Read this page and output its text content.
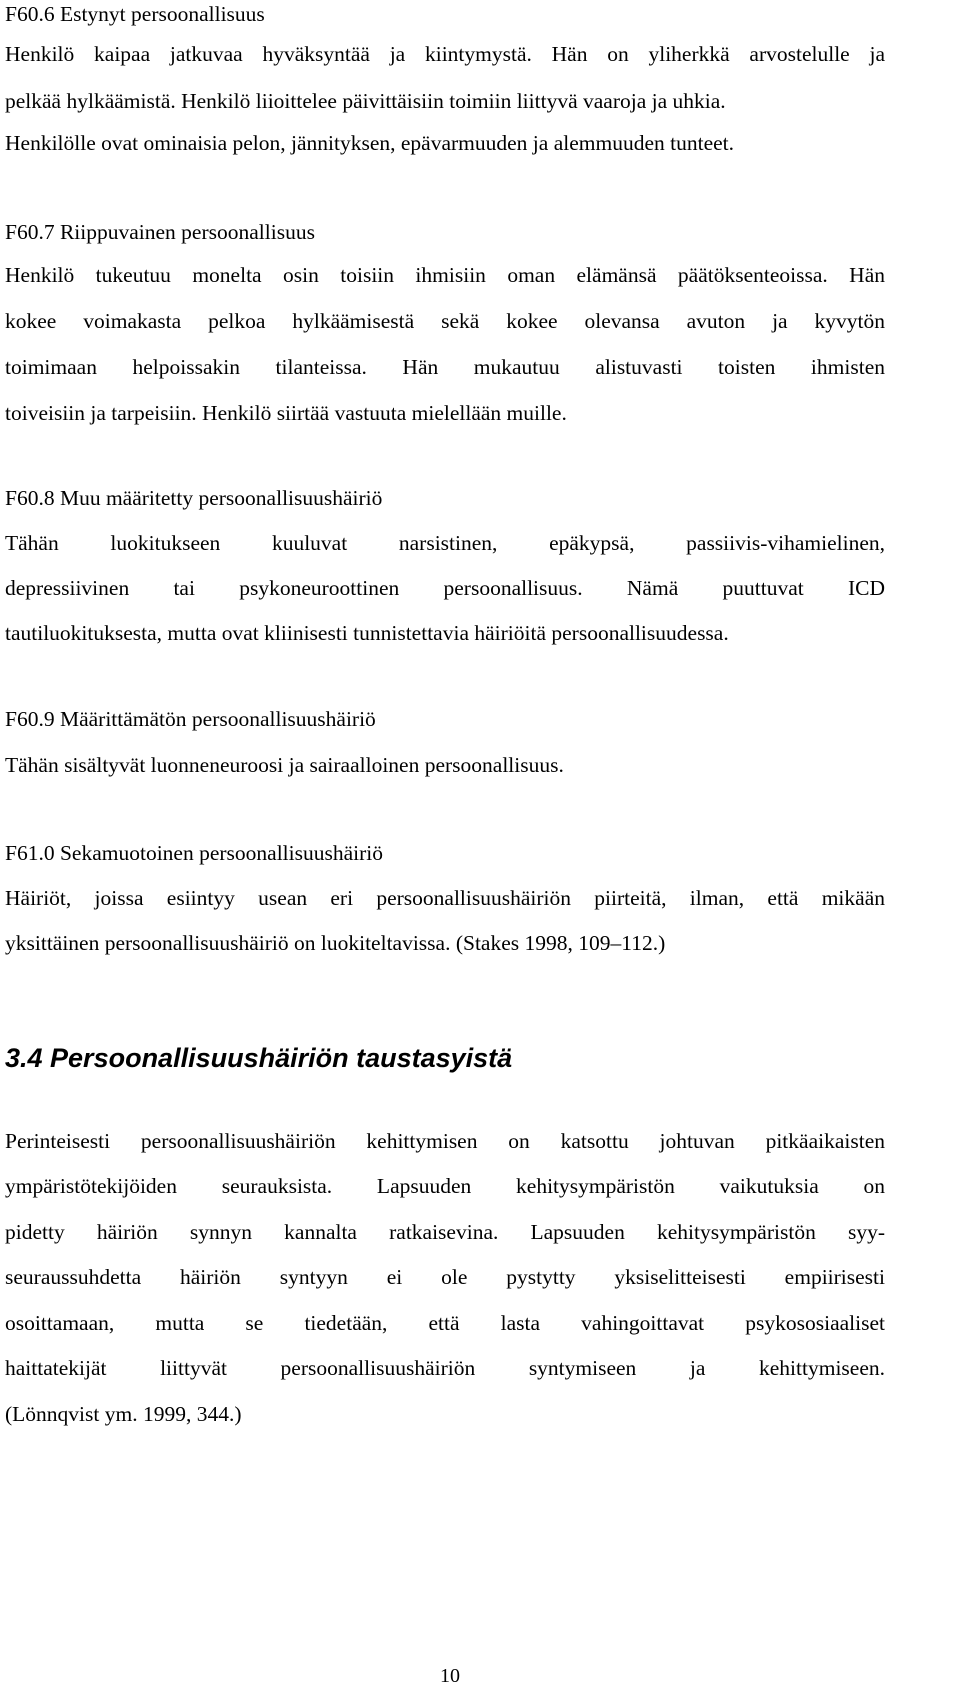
F60.6 Estynyt persoonallisuus
Henkilö kaipaa jatkuvaa hyväksyntää ja kiintymystä. Hän on yliherkkä arvostelulle ja
pelkää hylkäämistä. Henkilö liioittelee päivittäisiin toimiin liittyvä vaaroja ja uhkia.
Henkilölle ovat ominaisia pelon, jännityksen, epävarmuuden ja alemmuuden tunteet.
F60.7 Riippuvainen persoonallisuus
Henkilö tukeutuu monelta osin toisiin ihmisiin oman elämänsä päätöksenteoissa. Hän
kokee voimakasta pelkoa hylkäämisestä sekä kokee olevansa avuton ja kyvytön
toimimaan helpoissakin tilanteissa. Hän mukautuu alistuvasti toisten ihmisten
toiveisiin ja tarpeisiin. Henkilö siirtää vastuuta mielellään muille.
F60.8 Muu määritetty persoonallisuushäiriö
Tähän luokitukseen kuuluvat narsistinen, epäkypsä, passiivis-vihamielinen,
depressiivinen tai psykoneuroottinen persoonallisuus. Nämä puuttuvat ICD
tautiluokituksesta, mutta ovat kliinisesti tunnistettavia häiriöitä persoonallisuudessa.
F60.9 Määrittämätön persoonallisuushäiriö
Tähän sisältyvät luonneneuroosi ja sairaalloinen persoonallisuus.
F61.0 Sekamuotoinen persoonallisuushäiriö
Häiriöt, joissa esiintyy usean eri persoonallisuushäiriön piirteitä, ilman, että mikään
yksittäinen persoonallisuushäiriö on luokiteltavissa. (Stakes 1998, 109–112.)
3.4 Persoonallisuushäiriön taustasyistä
Perinteisesti persoonallisuushäiriön kehittymisen on katsottu johtuvan pitkäaikaisten
ympäristötekijöiden seurauksista. Lapsuuden kehitysympäristön vaikutuksia on
pidetty häiriön synnyn kannalta ratkaisevina. Lapsuuden kehitysympäristön syy-
seuraussuhdetta häiriön syntyyn ei ole pystytty yksiselitteisesti empiirisesti
osoittamaan, mutta se tiedetään, että lasta vahingoittavat psykososiaaliset
haittatekijät liittyvät persoonallisuushäiriön syntymiseen ja kehittymiseen.
(Lönnqvist ym. 1999, 344.)
10
